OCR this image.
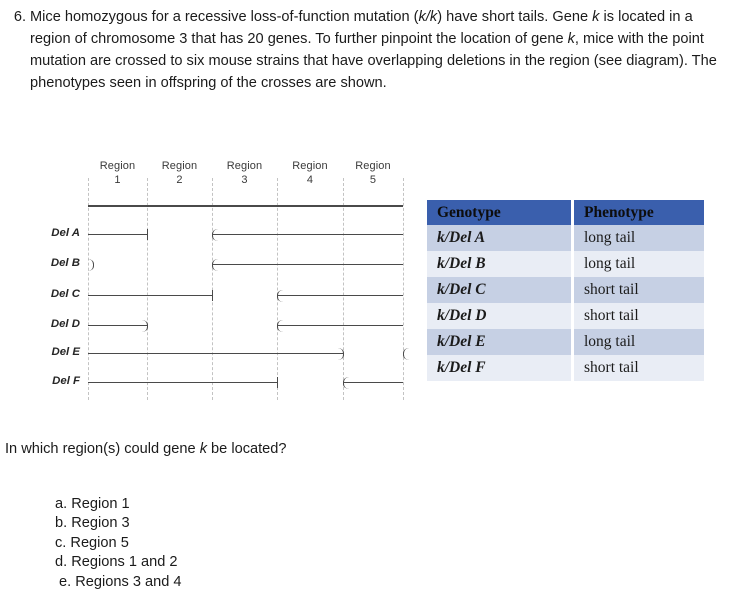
6. Mice homozygous for a recessive loss-of-function mutation (k/k) have short tails. Gene k is located in a region of chromosome 3 that has 20 genes. To further pinpoint the location of gene k, mice with the point mutation are crossed to six mouse strains that have overlapping deletions in the region (see diagram). The phenotypes seen in offspring of the crosses are shown.
Region
1
Region
2
Region
3
Region
4
Region
5
Del A
Del B
Del C
Del D
Del E
Del F
Genotype	Phenotype
k/Del A	long tail
k/Del B	long tail
k/Del C	short tail
k/Del D	short tail
k/Del E	long tail
k/Del F	short tail
In which region(s) could gene k be located?
a. Region 1
b. Region 3
c. Region 5
d. Regions 1 and 2
e. Regions 3 and 4
